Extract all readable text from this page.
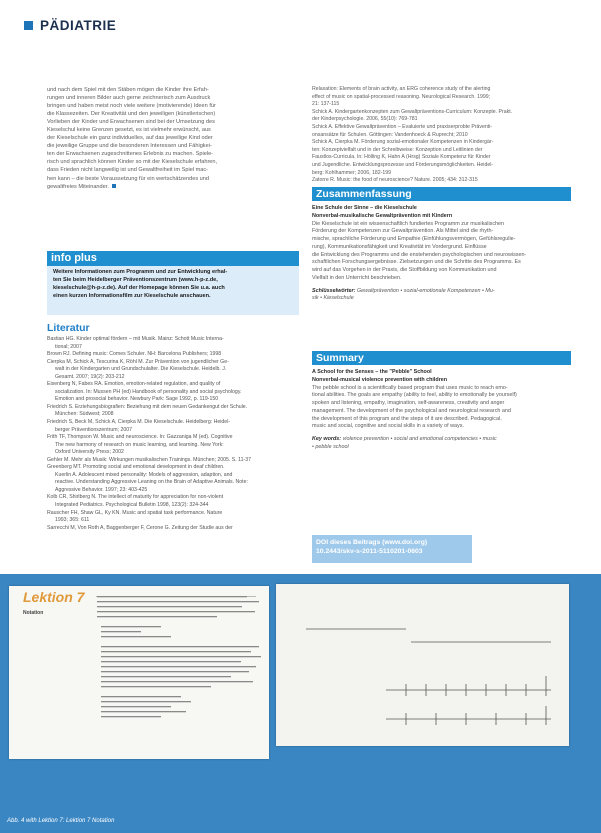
PÄDIATRIE
und nach dem Spiel mit den Stäben mögen die Kinder ihre Erfah-
rungen und inneren Bilder auch gerne zeichnerisch zum Ausdruck
bringen und haben meist noch viele weitere (motivierende) Ideen für
die Klassezeiten. Der Kreativität und den jeweiligen (künstlerischen)
Vorlieben der Kinder und Erwachsenen sind bei der Umsetzung des
Kieselschul keine Grenzen gesetzt, es ist vielmehr erwünscht, aus
der Kieselschule ein ganz individuelles, auf das jeweilige Kind oder
die jeweilige Gruppe und die besonderen Interessen und Fähigkei-
ten der Erwachsenen zugeschnittenes Erlebnis zu machen. Spiele-
risch und sprachlich können Kinder so mit der Kieselschule erfahren,
dass Frieden nicht langweilig ist und Gewaltfreiheit im Spiel mac-
hen kann – die beste Voraussetzung für ein wertschätzendes und
gewaltfreies Miteinander.
info plus
Weitere Informationen zum Programm und zur Entwicklung erhal-
ten Sie beim Heidelberger Präventionszentrum (www.h-p-z.de,
kieselschule@h-p-z.de). Auf der Homepage können Sie u.a. auch
einen kurzen Informationsfilm zur Kieselschule anschauen.
Literatur
Bastian HG. Kinder optimal fördern – mit Musik. Mainz: Schott Music Interna-
tional; 2007
Brown RJ. Defining music: Comes Schuler. NH: Barcelona Publishers; 1998
Cierpka M, Schick A, Tescurina K, Röhl M. Zur Prävention von jugendlicher Ge-
walt in der Kindergarten und Grundschulalter. Die Kieselschule. Heidelb. J.
Gesamt. 2007; 19(2): 203-212
Eisenberg N, Fabes RA. Emotion, emotion-related regulation, and quality of
socialization. In: Mussen PH (ed) Handbook of personality and social psychology.
Emotion and prosocial behavior. Newbury Park: Sage 1992, p. 119-150
Friedrich S. Erziehungsbiografien: Beziehung mit dem neuen Gedankengut der Schule.
München: Südwest; 2008
Friedrich S, Beck M, Schick A, Cierpka M. Die Kieselschule. Heidelberg: Heidel-
berger Präventionszentrum; 2007
Frith TF, Thompson W. Music and neuroscience. In: Gazzaniga M (ed). Cognitive
The new harmony of research on music learning, and learning. New York:
Oxford University Press; 2002
Gehler M. Mehr als Musik: Wirkungen musikalischen Trainings. München; 2005. S. 11-37
Greenberg MT. Promoting social and emotional development in deaf children.
Kuerlin A. Adolescent mixed personality: Models of aggression, adaption, and
reactive. Understanding Aggressive Leaning on the Brain of Adaptive Animals. Note:
Aggressive Behavior. 1997; 23: 403-425
Kolb CR, Shirlberg N. The intellect of maturity for appreciation for non-violent
Integrated Pediatrics. Psychological Bulletin 1998, 123(2): 324-344
Rauscher FH, Shaw GL, Ky KN. Music and spatial task performance. Nature
1993; 365: 611
Sarrecchi M, Von Roth A, Baggenberger F, Cerone G. Zeitung der Studie aus der
Relaxation: Elements of brain activity, an ERG coherence study of the alerting
effect of music on spatial-processed reasoning. Neurological Research. 1999;
21: 137-115
Schick A. Kindergartenkonzepten zum Gewaltpräventions-Curriculum: Konzepte. Prakt.
der Kinderpsychologie. 2006, 55(10): 769-781
Schick A. Effektive Gewaltprävention – Evaluierte und praxiserprobte Präventi-
onsansätze für Schulen. Göttingen: Vandenhoeck & Ruprecht; 2010
Schick A, Cierpka M. Förderung sozial-emotionaler Kompetenzen in Kindergär-
ten: Konzeptvielfalt und in der Schreibweise: Konzeption und Leitlinien der
Faustlos-Curricula. In: Hölling K, Hahn A (Hrsg) Soziale Kompetenz für Kinder
und Jugendliche. Entwicklungsprozesse und Förderungsmöglichkeiten. Heidel-
berg: Kohlhammer; 2006, 182-199
Zatorre R. Music: the food of neuroscience? Nature. 2005; 434: 312-315
Zusammenfassung
Eine Schule der Sinne – die Kieselschule
Nonverbal-musikalische Gewaltprävention mit Kindern
Die Kieselschule ist ein wissenschaftlich fundiertes Programm zur musikalischen
Förderung der Kompetenzen zur Gewaltprävention. Als Mittel sind die rhyth-
mische, sprachliche Förderung und Empathie (Einfühlungsvermögen, Gefühlsregulie-
rung), Kommunikationsfähigkeit und Kreativität im Vordergrund. Einflüsse
die Entwicklung des Programms und die enstehenden psychologischen und neurowissen-
schaftlichen Forschungsergebnisse. Zielsetzungen und die Schritte des Programms. Es
wird auf das Vorgehen in der Praxis, die Stoffbildung von Kommunikation und
Vielfalt in den Unterricht beschrieben.
Schlüsselwörter: Gewaltprävention • sozial-emotionale Kompetenzen • Mu-
sik • Kieselschule
Summary
A School for the Senses – the "Pebble" School
Nonverbal-musical violence prevention with children
The pebble school is a scientifically based program that uses music to reach emo-
tional abilities. The goals are empathy (ability to feel, ability to emotionally be yourself)
spoken and listening, empathy, imagination, self-awareness, creativity and anger
management. The development of the psychological and neurological research and
the development of this program and the steps of it are described. Pedagogical,
music and social, cognitive and social skills in a variety of ways.
Key words: violence prevention • social and emotional competencies • music
• pebble school
DOI dieses Beitrags (www.doi.org)
10.2443/skv-s-2011-5110201-0603
Lektion 7
Notation
Abb. 4 with Lektion 7: Lektion 7 Notation
